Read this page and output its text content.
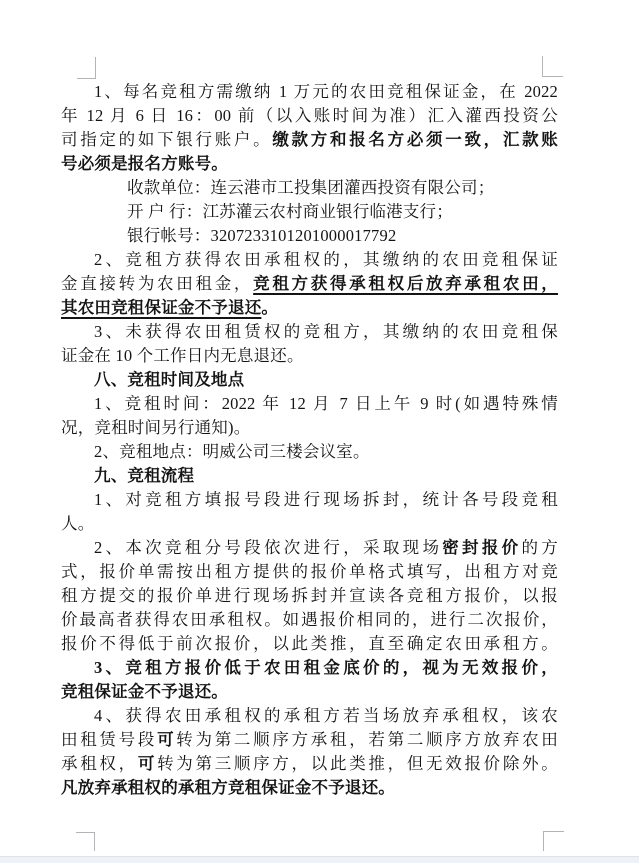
1、每名竞租方需缴纳 1 万元的农田竞租保证金，在 2022
年 12 月 6 日 16：00 前（以入账时间为准）汇入灌西投资公
司指定的如下银行账户。缴款方和报名方必须一致，汇款账
号必须是报名方账号。
收款单位：连云港市工投集团灌西投资有限公司；
开 户 行：江苏灌云农村商业银行临港支行；
银行帐号：3207233101201000017792
2、竞租方获得农田承租权的，其缴纳的农田竞租保证
金直接转为农田租金，竞租方获得承租权后放弃承租农田，
其农田竞租保证金不予退还。
3、未获得农田租赁权的竞租方，其缴纳的农田竞租保
证金在 10 个工作日内无息退还。
八、竞租时间及地点
1、竞租时间：2022 年 12 月 7 日上午 9 时(如遇特殊情
况，竞租时间另行通知)。
2、竞租地点：明威公司三楼会议室。
九、竞租流程
1、对竞租方填报号段进行现场拆封，统计各号段竞租
人。
2、本次竞租分号段依次进行，采取现场密封报价的方
式，报价单需按出租方提供的报价单格式填写，出租方对竞
租方提交的报价单进行现场拆封并宣读各竞租方报价，以报
价最高者获得农田承租权。如遇报价相同的，进行二次报价，
报价不得低于前次报价，以此类推，直至确定农田承租方。
3、竞租方报价低于农田租金底价的，视为无效报价，
竞租保证金不予退还。
4、获得农田承租权的承租方若当场放弃承租权，该农
田租赁号段可转为第二顺序方承租，若第二顺序方放弃农田
承租权，可转为第三顺序方，以此类推，但无效报价除外。
凡放弃承租权的承租方竞租保证金不予退还。
